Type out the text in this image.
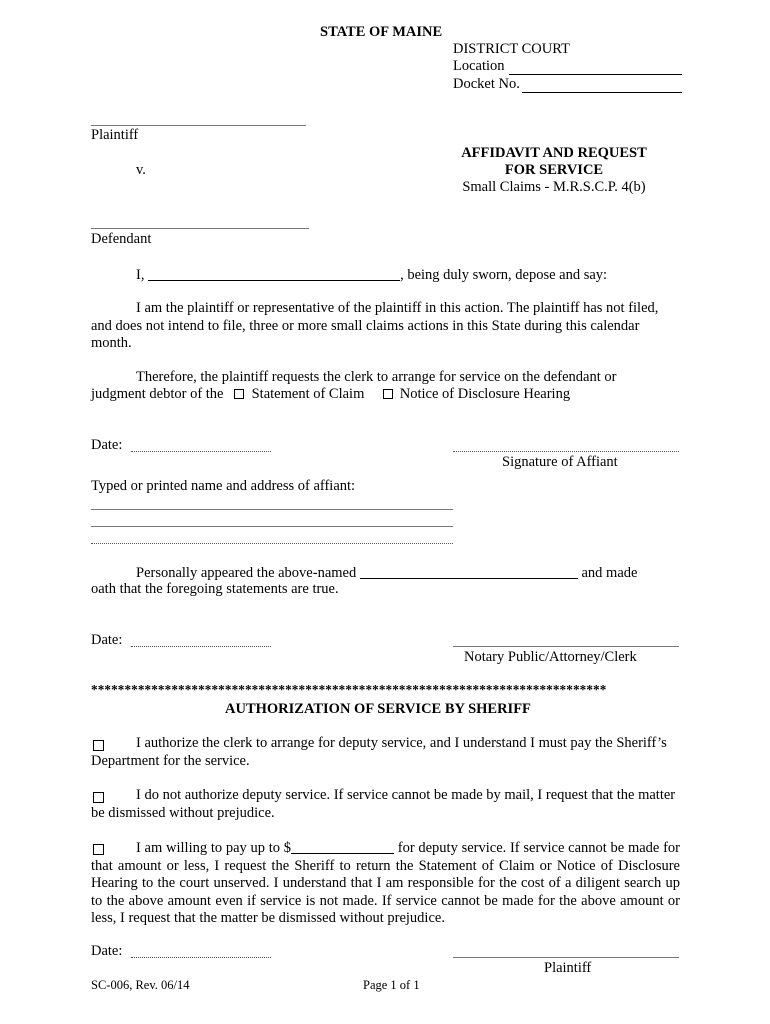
STATE OF MAINE
DISTRICT COURT
Location
Docket No.
Plaintiff
v.
Defendant
AFFIDAVIT AND REQUEST
FOR SERVICE
Small Claims - M.R.S.C.P. 4(b)
I,	, being duly sworn, depose and say:
I am the plaintiff or representative of the plaintiff in this action. The plaintiff has not filed, and does not intend to file, three or more small claims actions in this State during this calendar month.
Therefore, the plaintiff requests the clerk to arrange for service on the defendant or
judgment debtor of the Statement of Claim Notice of Disclosure Hearing
Date:
Signature of Affiant
Typed or printed name and address of affiant:
Personally appeared the above-named	and made
oath that the foregoing statements are true.
Date:
Notary Public/Attorney/Clerk
*****************************************************************************
AUTHORIZATION OF SERVICE BY SHERIFF
I authorize the clerk to arrange for deputy service, and I understand I must pay the Sheriff’s Department for the service.
I do not authorize deputy service. If service cannot be made by mail, I request that the matter be dismissed without prejudice.
I am willing to pay up to $	for deputy service. If service cannot be made for that amount or less, I request the Sheriff to return the Statement of Claim or Notice of Disclosure Hearing to the court unserved. I understand that I am responsible for the cost of a diligent search up to the above amount even if service is not made. If service cannot be made for the above amount or less, I request that the matter be dismissed without prejudice.
Date:
Plaintiff
SC-006, Rev. 06/14	Page 1 of 1
